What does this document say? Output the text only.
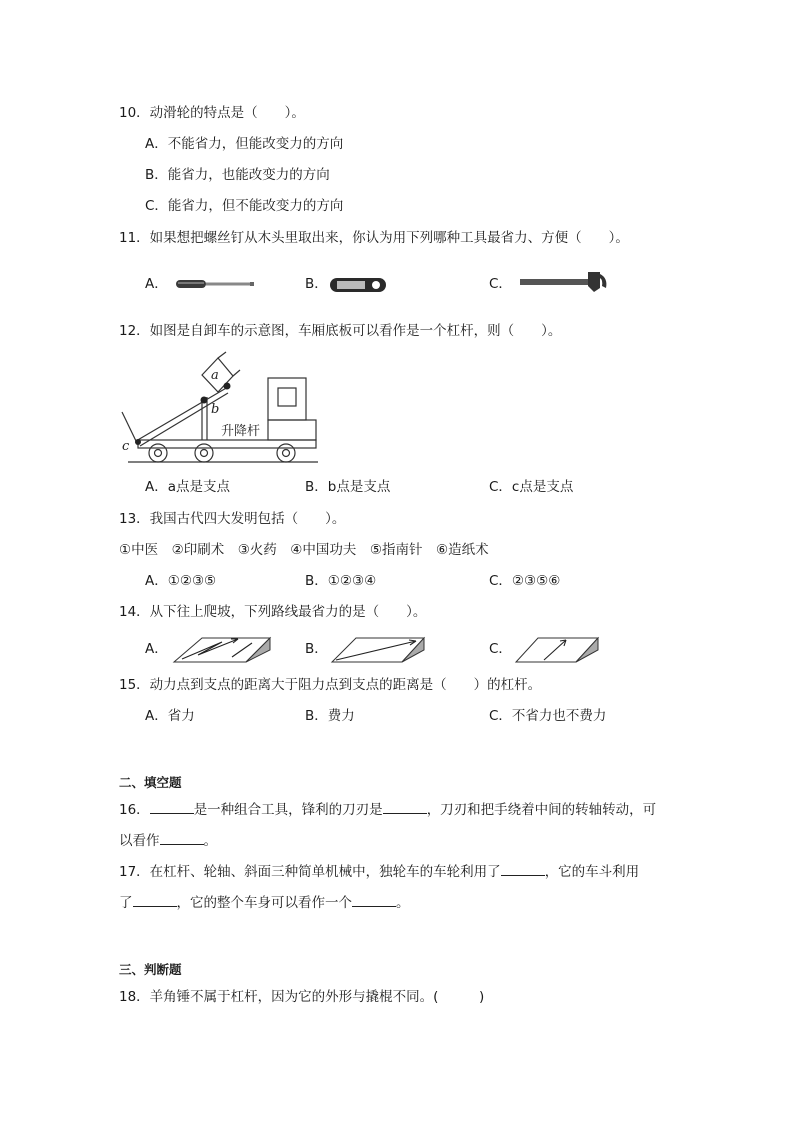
10．动滑轮的特点是（　　）。
A．不能省力，但能改变力的方向
B．能省力，也能改变力的方向
C．能省力，但不能改变力的方向
11．如果想把螺丝钉从木头里取出来，你认为用下列哪种工具最省力、方便（　　）。
A．	B．	C．
12．如图是自卸车的示意图，车厢底板可以看作是一个杠杆，则（　　）。
a
b
c
升降杆
A．a点是支点	B．b点是支点	C．c点是支点
13．我国古代四大发明包括（　　）。
①中医　②印刷术　③火药　④中国功夫　⑤指南针　⑥造纸术
A．①②③⑤	B．①②③④	C．②③⑤⑥
14．从下往上爬坡，下列路线最省力的是（　　）。
A．	B．	C．
15．动力点到支点的距离大于阻力点到支点的距离是（　　）的杠杆。
A．省力	B．费力	C．不省力也不费力
二、填空题
16．	是一种组合工具，锋利的刀刃是	，刀刃和把手绕着中间的转轴转动，可
以看作	。
17．在杠杆、轮轴、斜面三种简单机械中，独轮车的车轮利用了	，它的车斗利用
了	，它的整个车身可以看作一个	。
三、判断题
18．羊角锤不属于杠杆，因为它的外形与撬棍不同。(　　　)
